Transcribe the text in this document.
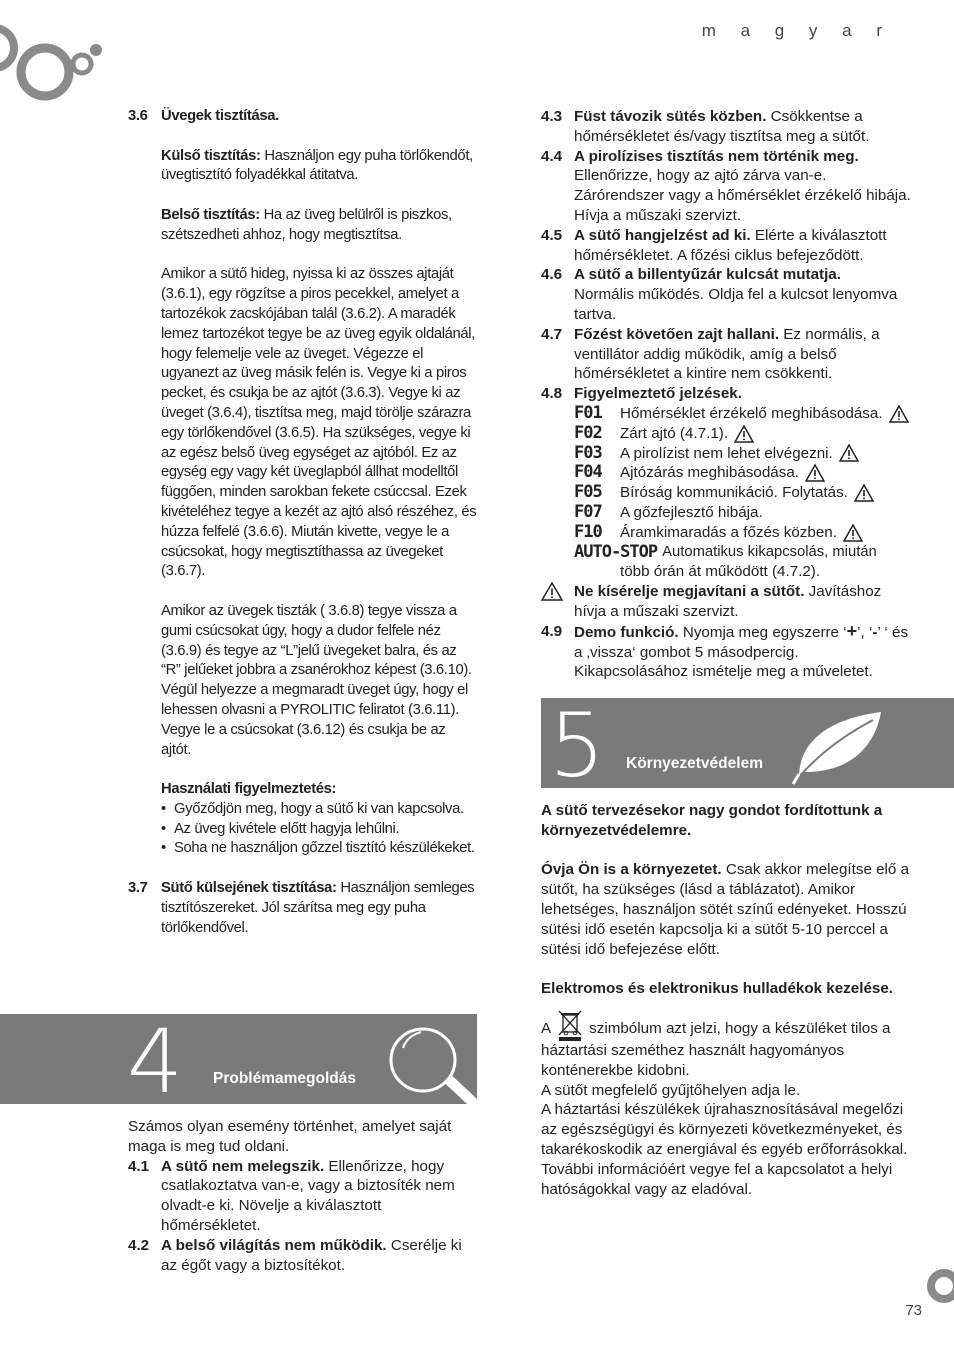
m a g y a r
3.6 Üvegek tisztítása.

Külső tisztítás: Használjon egy puha törlőkendőt, üvegtisztító folyadékkal átitatva.

Belső tisztítás: Ha az üveg belülről is piszkos, szétszedheti ahhoz, hogy megtisztítsa.

Amikor a sütő hideg, nyissa ki az összes ajtaját (3.6.1), egy rögzítse a piros pecekkel, amelyet a tartozékok zacskójában talál (3.6.2). A maradék lemez tartozékot tegye be az üveg egyik oldalánál, hogy felemelje vele az üveget. Végezze el ugyanezt az üveg másik felén is. Vegye ki a piros pecket, és csukja be az ajtót (3.6.3). Vegye ki az üveget (3.6.4), tisztítsa meg, majd törölje szárazra egy törlőkendővel (3.6.5). Ha szükséges, vegye ki az egész belső üveg egységet az ajtóból. Ez az egység egy vagy két üveglapból állhat modelltől függően, minden sarokban fekete csúccsal. Ezek kivételéhez tegye a kezét az ajtó alsó részéhez, és húzza felfelé (3.6.6). Miután kivette, vegye le a csúcsokat, hogy megtisztíthassa az üvegeket (3.6.7).

Amikor az üvegek tiszták ( 3.6.8) tegye vissza a gumi csúcsokat úgy, hogy a dudor felfele néz (3.6.9) és tegye az “L”jelű üvegeket balra, és az “R” jelűeket jobbra a zsanérokhoz képest (3.6.10). Végül helyezze a megmaradt üveget úgy, hogy el lehessen olvasni a PYROLITIC feliratot (3.6.11). Vegye le a csúcsokat (3.6.12) és csukja be az ajtót.

Használati figyelmeztetés:

• Győződjön meg, hogy a sütő ki van kapcsolva.
• Az üveg kivétele előtt hagyja lehűlni.
• Soha ne használjon gőzzel tisztító készülékeket.
3.7 Sütő külsejének tisztítása: Használjon semleges tisztítószereket. Jól szárítsa meg egy puha törlőkendővel.
4 Problémamegoldás

Számos olyan esemény történhet, amelyet saját maga is meg tud oldani.

4.1 A sütő nem melegszik. Ellenőrizze, hogy csatlakoztatva van-e, vagy a biztosíték nem olvadt-e ki. Növelje a kiválasztott hőmérsékletet.
4.2 A belső világítás nem működik. Cserélje ki az égőt vagy a biztosítékot.
4.3 Füst távozik sütés közben. Csökkentse a hőmérsékletet és/vagy tisztítsa meg a sütőt.
4.4 A pirolízises tisztítás nem történik meg.
Ellenőrizze, hogy az ajtó zárva van-e. Zárórendszer vagy a hőmérséklet érzékelő hibája. Hívja a műszaki szervizt.
4.5 A sütő hangjelzést ad ki. Elérte a kiválasztott hőmérsékletet. A főzési ciklus befejeződött.
4.6 A sütő a billentyűzár kulcsát mutatja.
Normális működés. Oldja fel a kulcsot lenyomva tartva.
4.7 Főzést követően zajt hallani. Ez normális, a ventillátor addig működik, amíg a belső hőmérsékletet a kintire nem csökkenti.
4.8 Figyelmeztető jelzések.
F01	Hőmérséklet érzékelő meghibásodása.
F02	Zárt ajtó (4.7.1).
F03	A pirolízist nem lehet elvégezni.
F04	Ajtózárás meghibásodása.
F05	Bíróság kommunikáció. Folytatás.
F07	A gőzfejlesztő hibája.
F10	Áramkimaradás a főzés közben.
AUTO-STOP Automatikus kikapcsolás, miután

több órán át működött (4.7.2).

Ne kísérelje megjavítani a sütőt. Javításhoz hívja a műszaki szervizt.
4.9 Demo funkció. Nyomja meg egyszerre ‘+’, ‘-’ ‘ és a ‚vissza‘ gombot 5 másodpercig. Kikapcsolásához ismételje meg a műveletet.
5 Környezetvédelem

A sütő tervezésekor nagy gondot fordítottunk a környezetvédelemre.

Óvja Ön is a környezetet. Csak akkor melegítse elő a sütőt, ha szükséges (lásd a táblázatot). Amikor lehetséges, használjon sötét színű edényeket. Hosszú sütési idő esetén kapcsolja ki a sütőt 5-10 perccel a sütési idő befejezése előtt.

Elektromos és elektronikus hulladékok kezelése.

A	szimbólum azt jelzi, hogy a készüléket tilos a háztartási szeméthez használt hagyományos konténerekbe kidobni.

A sütőt megfelelő gyűjtőhelyen adja le.

A háztartási készülékek újrahasznosításával megelőzi az egészségügyi és környezeti következményeket, és takarékoskodik az energiával és egyéb erőforrásokkal.

További információért vegye fel a kapcsolatot a helyi hatóságokkal vagy az eladóval.

73
